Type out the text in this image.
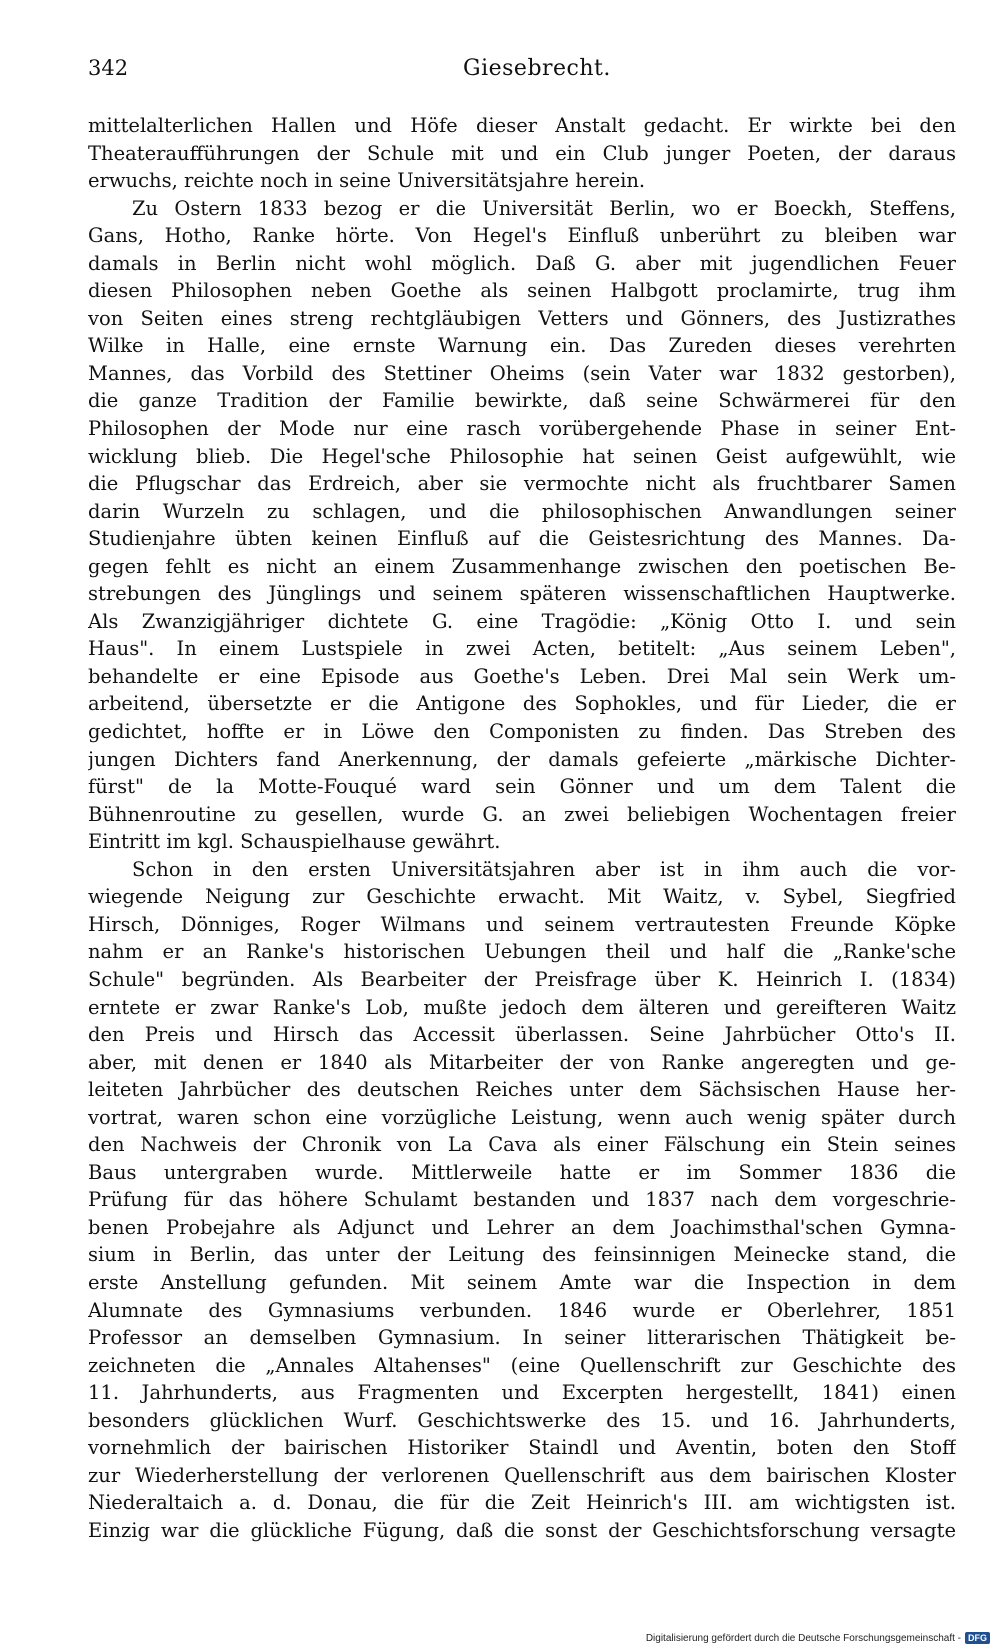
342	Giesebrecht.
mittelalterlichen Hallen und Höfe dieser Anstalt gedacht. Er wirkte bei den
Theateraufführungen der Schule mit und ein Club junger Poeten, der daraus
erwuchs, reichte noch in seine Universitätsjahre herein.
Zu Ostern 1833 bezog er die Universität Berlin, wo er Boeckh, Steffens,
Gans, Hotho, Ranke hörte. Von Hegel's Einfluß unberührt zu bleiben war
damals in Berlin nicht wohl möglich. Daß G. aber mit jugendlichen Feuer
diesen Philosophen neben Goethe als seinen Halbgott proclamirte, trug ihm
von Seiten eines streng rechtgläubigen Vetters und Gönners, des Justizrathes
Wilke in Halle, eine ernste Warnung ein. Das Zureden dieses verehrten
Mannes, das Vorbild des Stettiner Oheims (sein Vater war 1832 gestorben),
die ganze Tradition der Familie bewirkte, daß seine Schwärmerei für den
Philosophen der Mode nur eine rasch vorübergehende Phase in seiner Ent-
wicklung blieb. Die Hegel'sche Philosophie hat seinen Geist aufgewühlt, wie
die Pflugschar das Erdreich, aber sie vermochte nicht als fruchtbarer Samen
darin Wurzeln zu schlagen, und die philosophischen Anwandlungen seiner
Studienjahre übten keinen Einfluß auf die Geistesrichtung des Mannes. Da-
gegen fehlt es nicht an einem Zusammenhange zwischen den poetischen Be-
strebungen des Jünglings und seinem späteren wissenschaftlichen Hauptwerke.
Als Zwanzigjähriger dichtete G. eine Tragödie: „König Otto I. und sein
Haus". In einem Lustspiele in zwei Acten, betitelt: „Aus seinem Leben",
behandelte er eine Episode aus Goethe's Leben. Drei Mal sein Werk um-
arbeitend, übersetzte er die Antigone des Sophokles, und für Lieder, die er
gedichtet, hoffte er in Löwe den Componisten zu finden. Das Streben des
jungen Dichters fand Anerkennung, der damals gefeierte „märkische Dichter-
fürst" de la Motte-Fouqué ward sein Gönner und um dem Talent die
Bühnenroutine zu gesellen, wurde G. an zwei beliebigen Wochentagen freier
Eintritt im kgl. Schauspielhause gewährt.
Schon in den ersten Universitätsjahren aber ist in ihm auch die vor-
wiegende Neigung zur Geschichte erwacht. Mit Waitz, v. Sybel, Siegfried
Hirsch, Dönniges, Roger Wilmans und seinem vertrautesten Freunde Köpke
nahm er an Ranke's historischen Uebungen theil und half die „Ranke'sche
Schule" begründen. Als Bearbeiter der Preisfrage über K. Heinrich I. (1834)
erntete er zwar Ranke's Lob, mußte jedoch dem älteren und gereifteren Waitz
den Preis und Hirsch das Accessit überlassen. Seine Jahrbücher Otto's II.
aber, mit denen er 1840 als Mitarbeiter der von Ranke angeregten und ge-
leiteten Jahrbücher des deutschen Reiches unter dem Sächsischen Hause her-
vortrat, waren schon eine vorzügliche Leistung, wenn auch wenig später durch
den Nachweis der Chronik von La Cava als einer Fälschung ein Stein seines
Baus untergraben wurde. Mittlerweile hatte er im Sommer 1836 die
Prüfung für das höhere Schulamt bestanden und 1837 nach dem vorgeschrie-
benen Probejahre als Adjunct und Lehrer an dem Joachimsthal'schen Gymna-
sium in Berlin, das unter der Leitung des feinsinnigen Meinecke stand, die
erste Anstellung gefunden. Mit seinem Amte war die Inspection in dem
Alumnate des Gymnasiums verbunden. 1846 wurde er Oberlehrer, 1851
Professor an demselben Gymnasium. In seiner litterarischen Thätigkeit be-
zeichneten die „Annales Altahenses" (eine Quellenschrift zur Geschichte des
11. Jahrhunderts, aus Fragmenten und Excerpten hergestellt, 1841) einen
besonders glücklichen Wurf. Geschichtswerke des 15. und 16. Jahrhunderts,
vornehmlich der bairischen Historiker Staindl und Aventin, boten den Stoff
zur Wiederherstellung der verlorenen Quellenschrift aus dem bairischen Kloster
Niederaltaich a. d. Donau, die für die Zeit Heinrich's III. am wichtigsten ist.
Einzig war die glückliche Fügung, daß die sonst der Geschichtsforschung versagte
Digitalisierung gefördert durch die Deutsche Forschungsgemeinschaft - DFG
